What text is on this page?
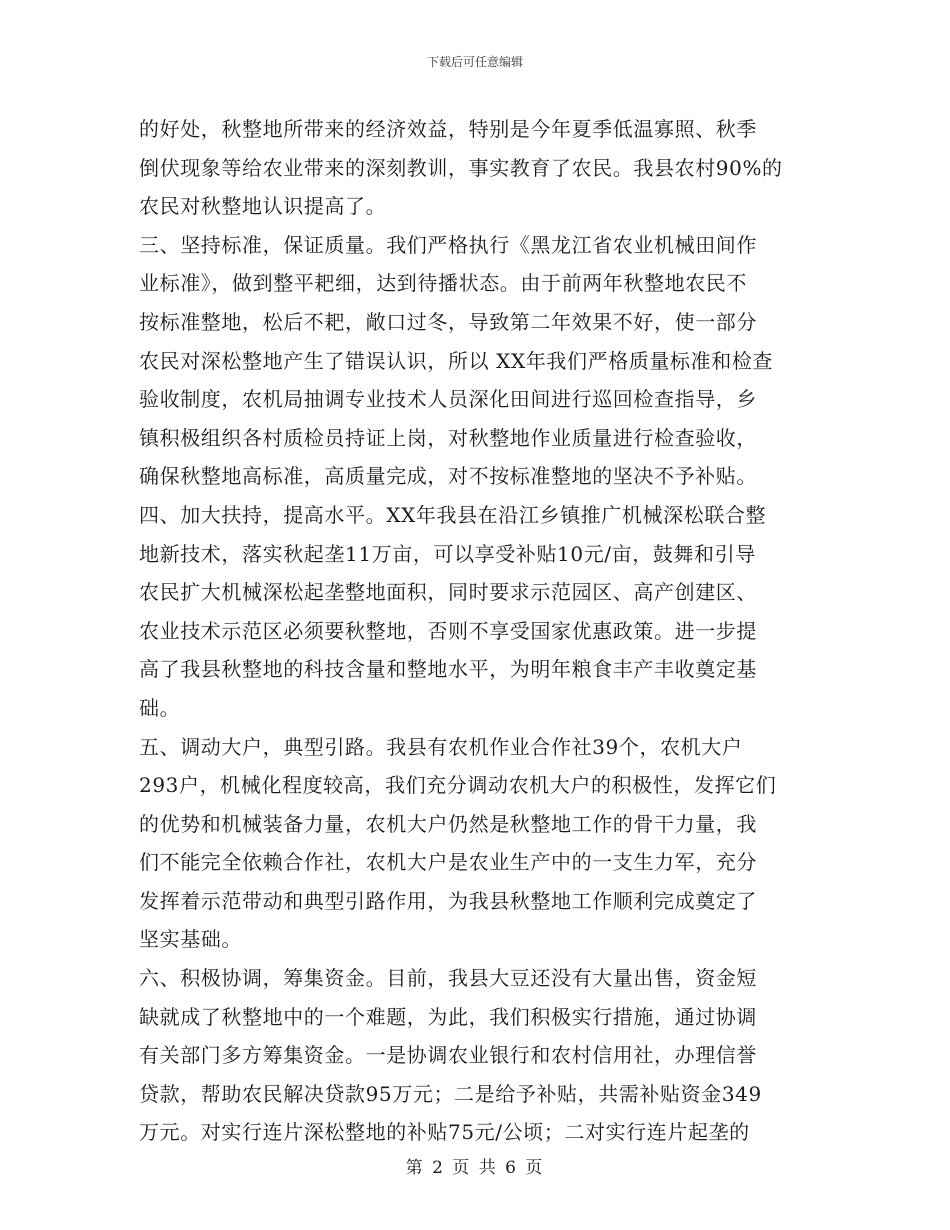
下载后可任意编辑
的好处，秋整地所带来的经济效益，特别是今年夏季低温寡照、秋季
倒伏现象等给农业带来的深刻教训，事实教育了农民。我县农村90%的
农民对秋整地认识提高了。
三、坚持标准，保证质量。我们严格执行《黑龙江省农业机械田间作
业标准》，做到整平耙细，达到待播状态。由于前两年秋整地农民不
按标准整地，松后不耙，敞口过冬，导致第二年效果不好，使一部分
农民对深松整地产生了错误认识，所以 XX年我们严格质量标准和检查
验收制度，农机局抽调专业技术人员深化田间进行巡回检查指导，乡
镇积极组织各村质检员持证上岗，对秋整地作业质量进行检查验收，
确保秋整地高标准，高质量完成，对不按标准整地的坚决不予补贴。
四、加大扶持，提高水平。XX年我县在沿江乡镇推广机械深松联合整
地新技术，落实秋起垄11万亩，可以享受补贴10元/亩，鼓舞和引导
农民扩大机械深松起垄整地面积，同时要求示范园区、高产创建区、
农业技术示范区必须要秋整地，否则不享受国家优惠政策。进一步提
高了我县秋整地的科技含量和整地水平，为明年粮食丰产丰收奠定基
础。
五、调动大户，典型引路。我县有农机作业合作社39个，农机大户
293户，机械化程度较高，我们充分调动农机大户的积极性，发挥它们
的优势和机械装备力量，农机大户仍然是秋整地工作的骨干力量，我
们不能完全依赖合作社，农机大户是农业生产中的一支生力军，充分
发挥着示范带动和典型引路作用，为我县秋整地工作顺利完成奠定了
坚实基础。
六、积极协调，筹集资金。目前，我县大豆还没有大量出售，资金短
缺就成了秋整地中的一个难题，为此，我们积极实行措施，通过协调
有关部门多方筹集资金。一是协调农业银行和农村信用社，办理信誉
贷款，帮助农民解决贷款95万元；二是给予补贴，共需补贴资金349
万元。对实行连片深松整地的补贴75元/公顷；二对实行连片起垄的
第 2 页 共 6 页
